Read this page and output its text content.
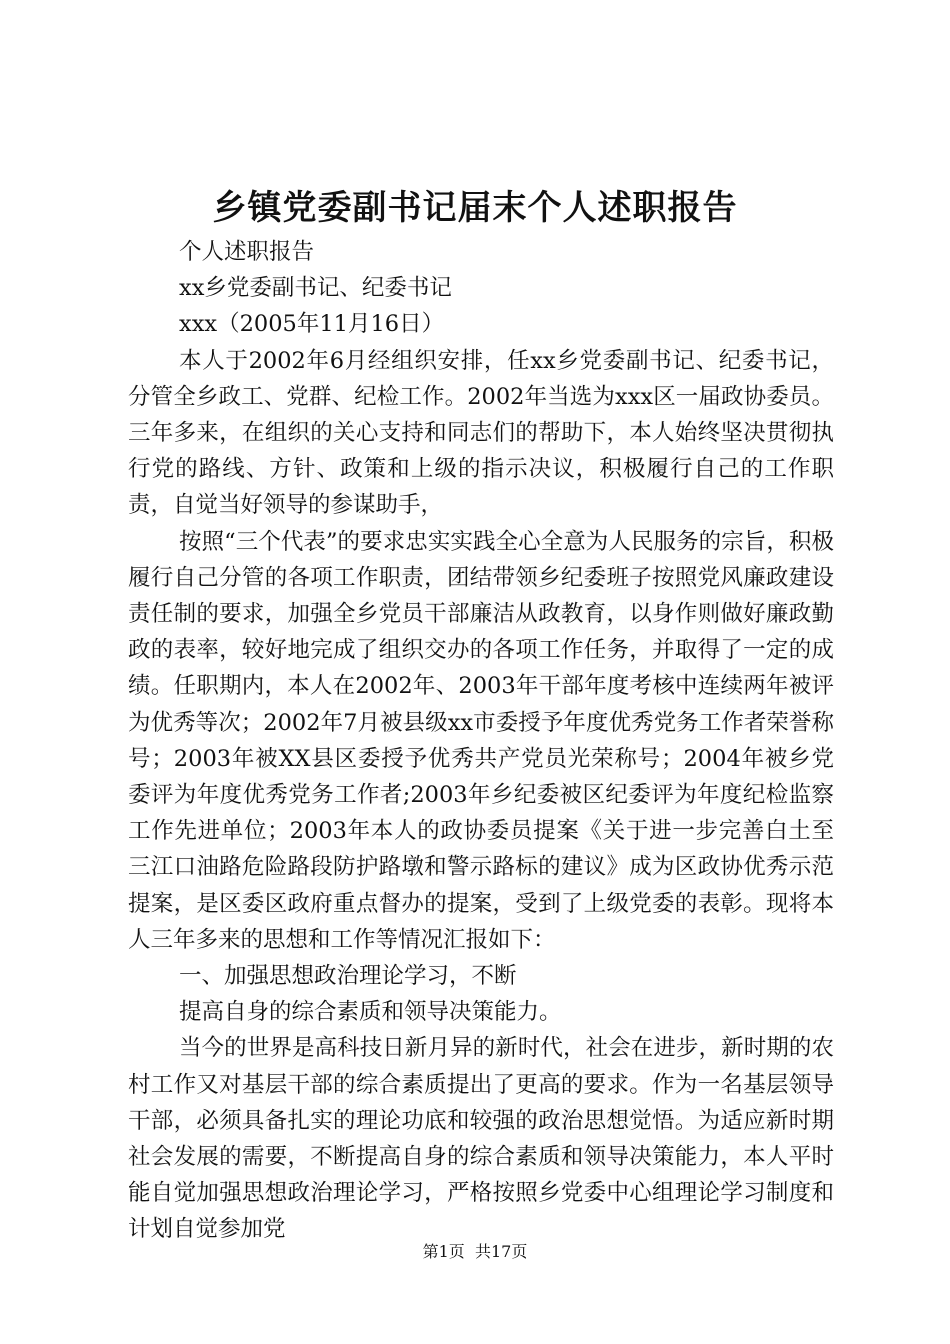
乡镇党委副书记届末个人述职报告

个人述职报告

xx乡党委副书记、纪委书记

xxx（2005年11月16日）

本人于2002年6月经组织安排，任xx乡党委副书记、纪委书记，分管全乡政工、党群、纪检工作。2002年当选为xxx区一届政协委员。三年多来，在组织的关心支持和同志们的帮助下，本人始终坚决贯彻执行党的路线、方针、政策和上级的指示决议，积极履行自己的工作职责，自觉当好领导的参谋助手，

按照“三个代表”的要求忠实实践全心全意为人民服务的宗旨，积极履行自己分管的各项工作职责，团结带领乡纪委班子按照党风廉政建设责任制的要求，加强全乡党员干部廉洁从政教育，以身作则做好廉政勤政的表率，较好地完成了组织交办的各项工作任务，并取得了一定的成绩。任职期内，本人在2002年、2003年干部年度考核中连续两年被评为优秀等次；2002年7月被县级xx市委授予年度优秀党务工作者荣誉称号；2003年被XX县区委授予优秀共产党员光荣称号；2004年被乡党委评为年度优秀党务工作者;2003年乡纪委被区纪委评为年度纪检监察工作先进单位；2003年本人的政协委员提案《关于进一步完善白土至三江口油路危险路段防护路墩和警示路标的建议》成为区政协优秀示范提案，是区委区政府重点督办的提案，受到了上级党委的表彰。现将本人三年多来的思想和工作等情况汇报如下：

一、加强思想政治理论学习，不断

提高自身的综合素质和领导决策能力。

当今的世界是高科技日新月异的新时代，社会在进步，新时期的农村工作又对基层干部的综合素质提出了更高的要求。作为一名基层领导干部，必须具备扎实的理论功底和较强的政治思想觉悟。为适应新时期社会发展的需要，不断提高自身的综合素质和领导决策能力，本人平时能自觉加强思想政治理论学习，严格按照乡党委中心组理论学习制度和计划自觉参加党

第1页 共17页
